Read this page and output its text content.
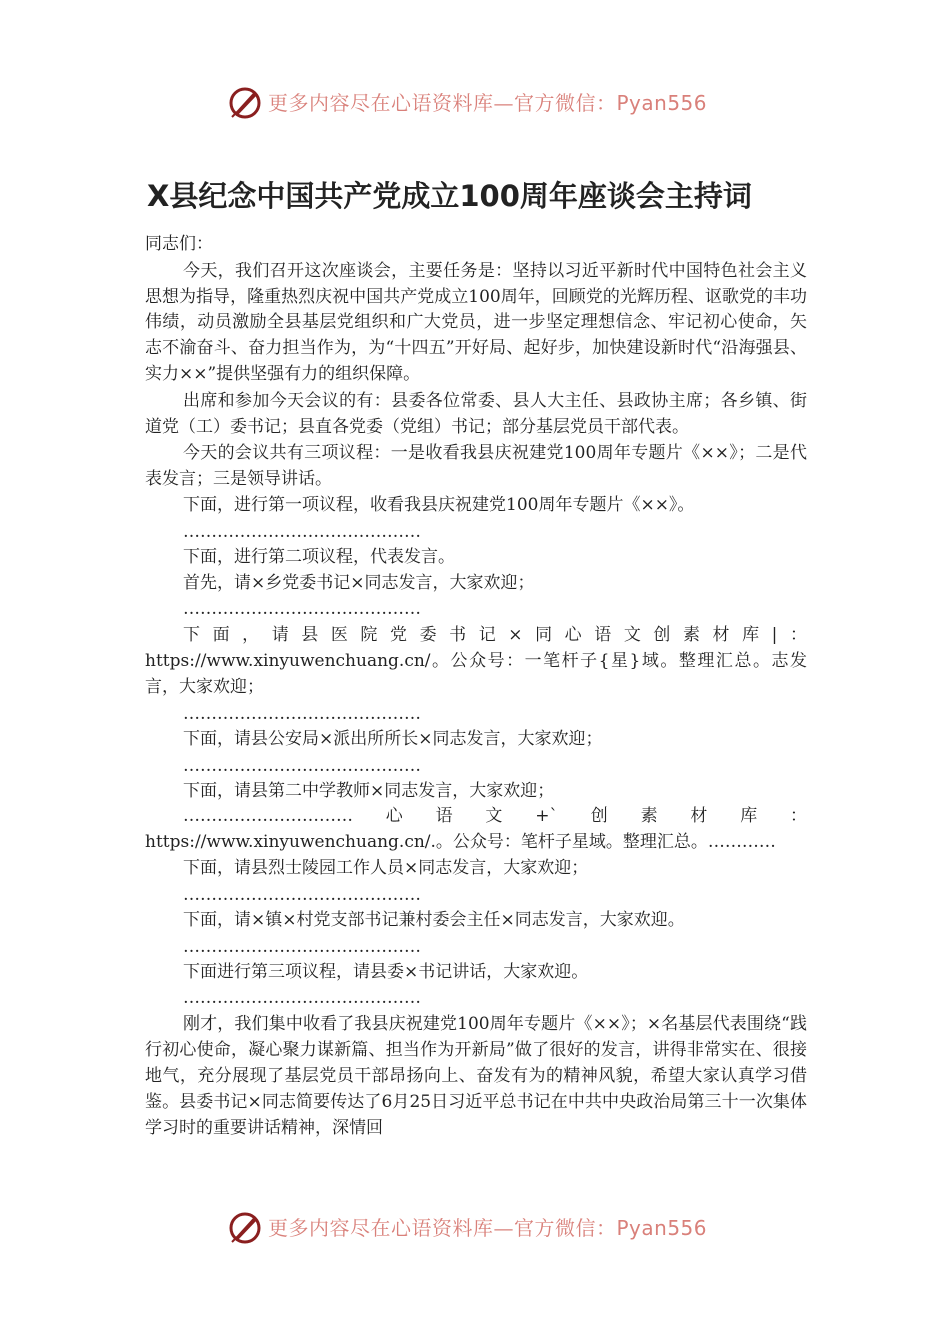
更多内容尽在心语资料库—官方微信：Pyan556
X县纪念中国共产党成立100周年座谈会主持词

同志们：

今天，我们召开这次座谈会，主要任务是：坚持以习近平新时代中国特色社会主义思想为指导，隆重热烈庆祝中国共产党成立100周年，回顾党的光辉历程、讴歌党的丰功伟绩，动员激励全县基层党组织和广大党员，进一步坚定理想信念、牢记初心使命，矢志不渝奋斗、奋力担当作为，为“十四五”开好局、起好步，加快建设新时代“沿海强县、实力××”提供坚强有力的组织保障。

出席和参加今天会议的有：县委各位常委、县人大主任、县政协主席；各乡镇、街道党（工）委书记；县直各党委（党组）书记；部分基层党员干部代表。

今天的会议共有三项议程：一是收看我县庆祝建党100周年专题片《××》；二是代表发言；三是领导讲话。

下面，进行第一项议程，收看我县庆祝建党100周年专题片《××》。

……………………………………

下面，进行第二项议程，代表发言。

首先，请×乡党委书记×同志发言，大家欢迎；

……………………………………

下面，请县医院党委书记×同心语文创素材库|： https://www.xinyuwenchuang.cn/。公众号：一笔杆子{星}域。整理汇总。志发言，大家欢迎；

……………………………………

下面，请县公安局×派出所所长×同志发言，大家欢迎；

……………………………………

下面，请县第二中学教师×同志发言，大家欢迎；

…………………………心语文+`创素材库：https://www.xinyuwenchuang.cn/.。公众号：笔杆子星域。整理汇总。…………

下面，请县烈士陵园工作人员×同志发言，大家欢迎；

……………………………………

下面，请×镇×村党支部书记兼村委会主任×同志发言，大家欢迎。

……………………………………

下面进行第三项议程，请县委×书记讲话，大家欢迎。

……………………………………

刚才，我们集中收看了我县庆祝建党100周年专题片《××》；×名基层代表围绕“践行初心使命，凝心聚力谋新篇、担当作为开新局”做了很好的发言，讲得非常实在、很接地气，充分展现了基层党员干部昂扬向上、奋发有为的精神风貌，希望大家认真学习借鉴。县委书记×同志简要传达了6月25日习近平总书记在中共中央政治局第三十一次集体学习时的重要讲话精神，深情回

更多内容尽在心语资料库—官方微信：Pyan556
